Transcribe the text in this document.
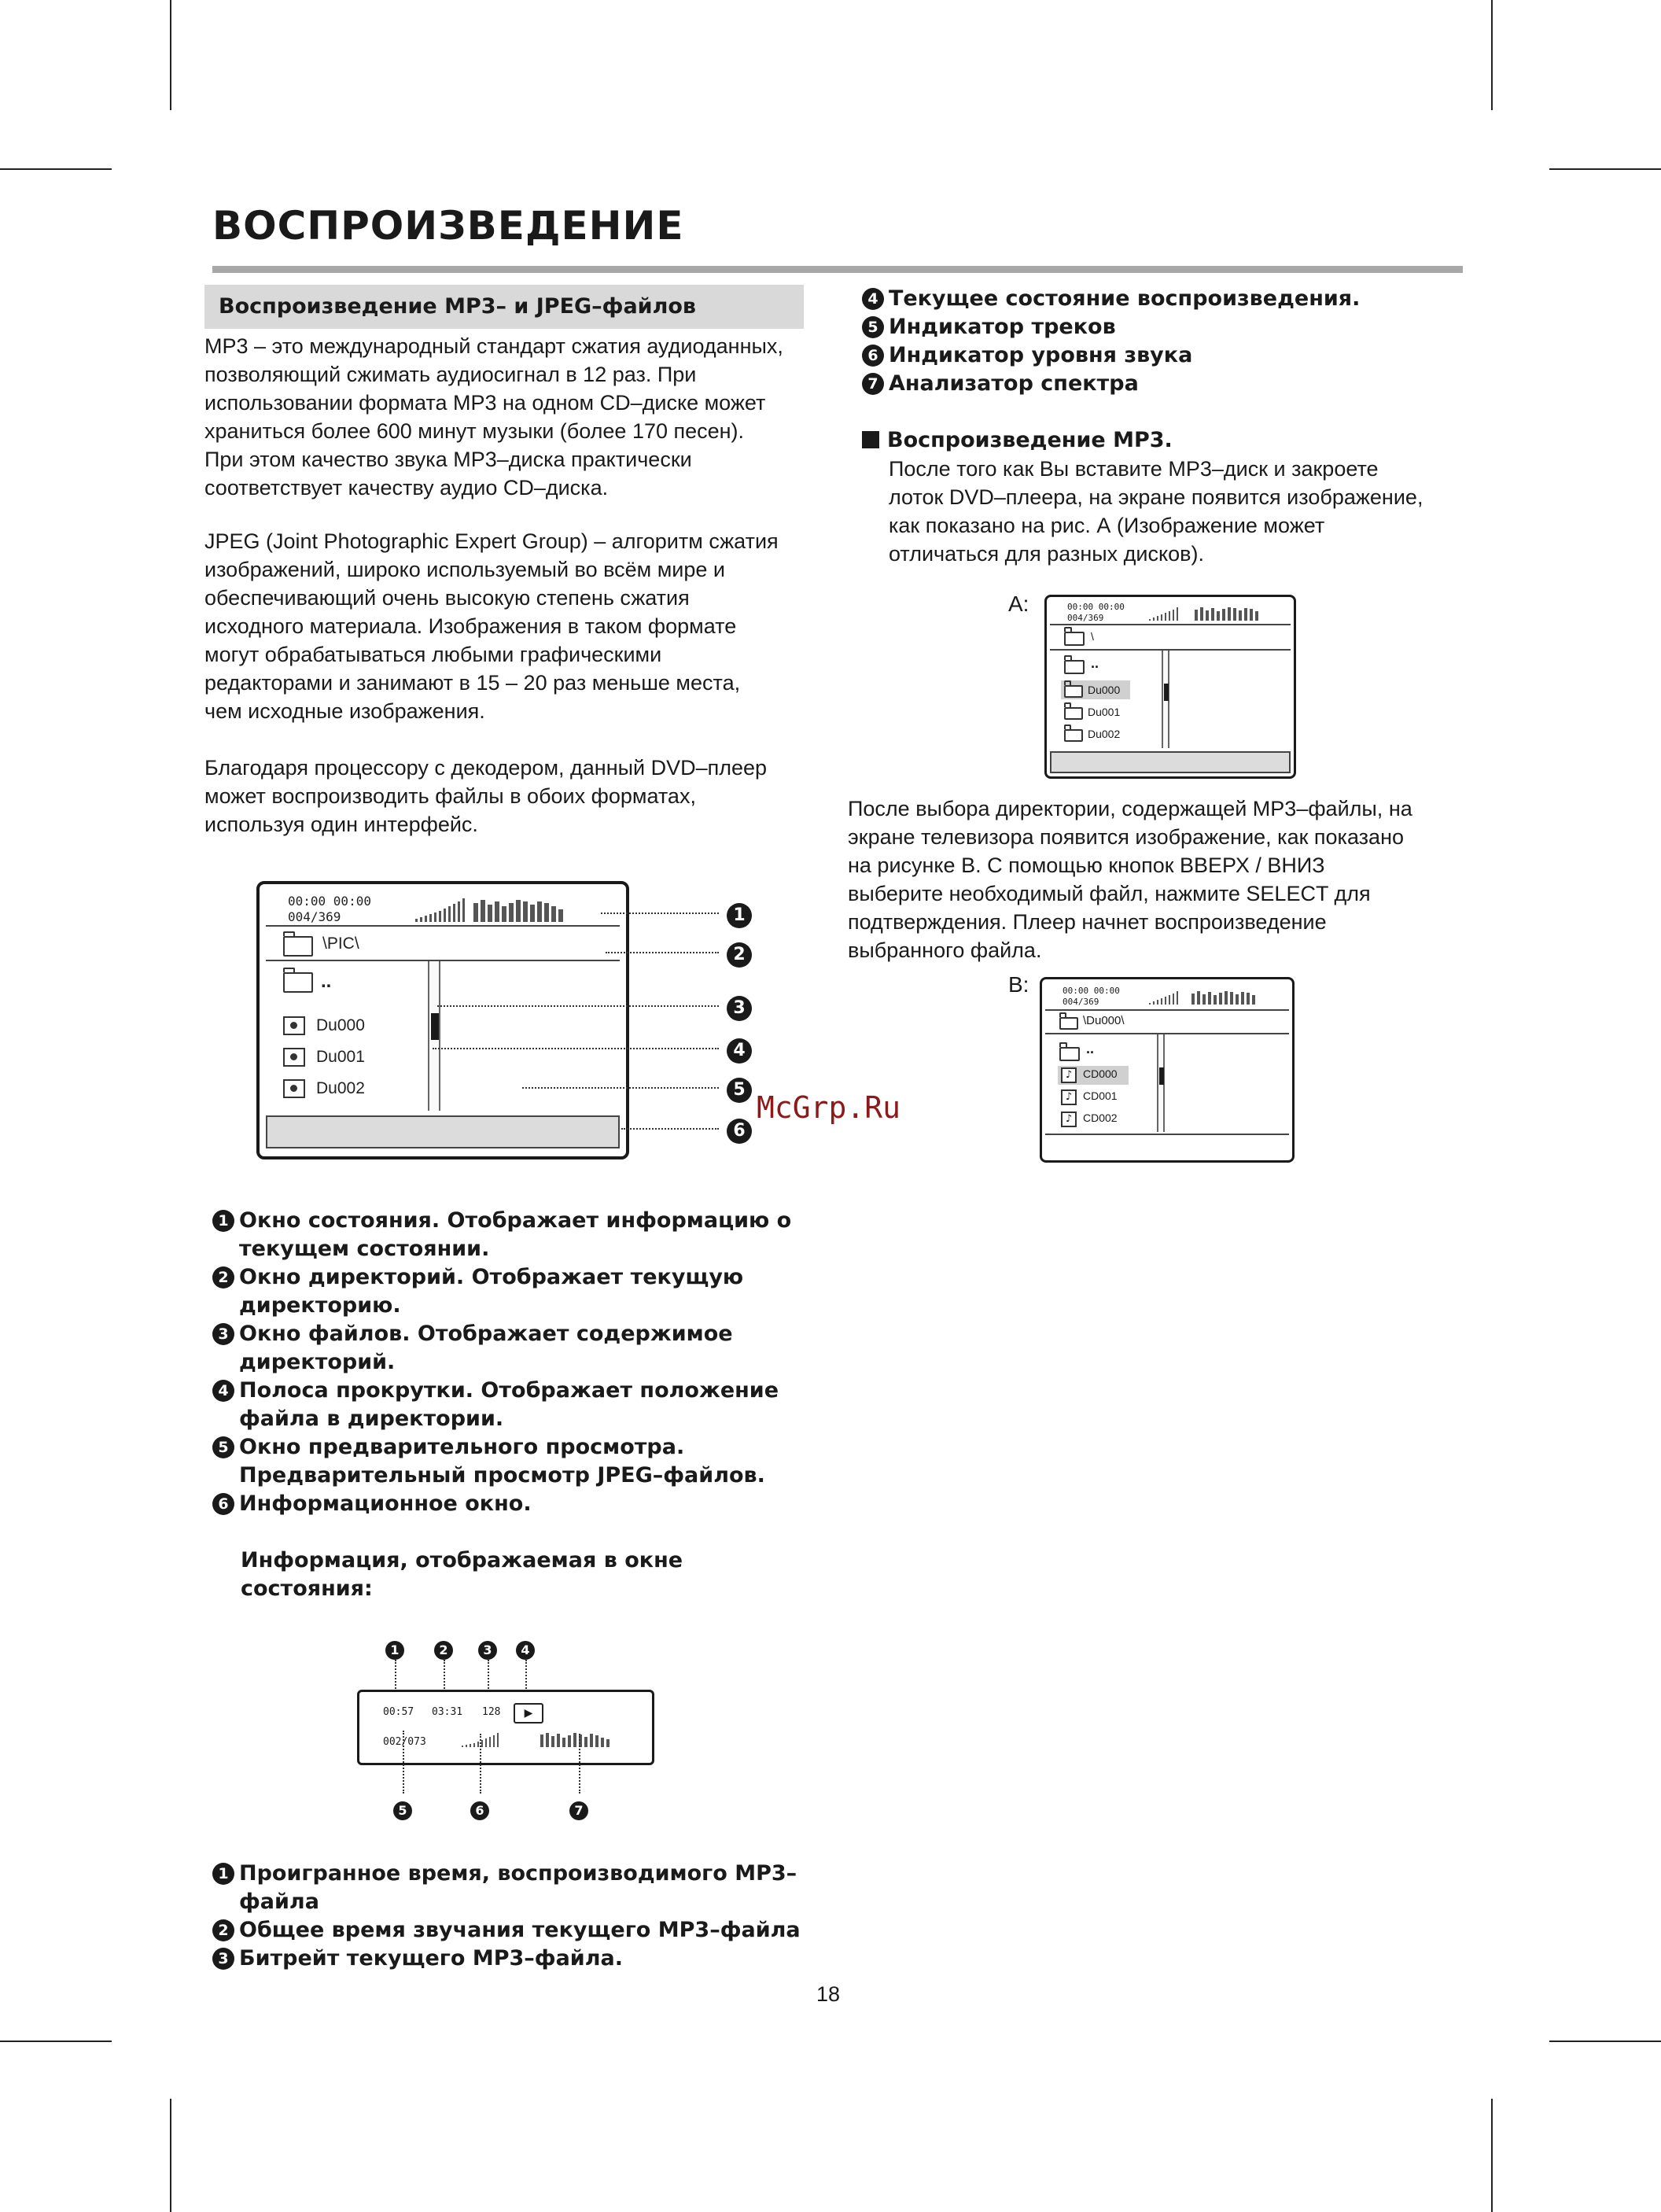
ВОСПРОИЗВЕДЕНИЕ
Воспроизведение MP3– и JPEG–файлов
MP3 – это международный стандарт сжатия аудиоданных,
позволяющий сжимать аудиосигнал в 12 раз. При
использовании формата MP3 на одном CD–диске может
храниться более 600 минут музыки (более 170 песен).
При этом качество звука MP3–диска практически
соответствует качеству аудио CD–диска.
JPEG (Joint Photographic Expert Group) – алгоритм сжатия
изображений, широко используемый во всём мире и
обеспечивающий очень высокую степень сжатия
исходного материала. Изображения в таком формате
могут обрабатываться любыми графическими
редакторами и занимают в 15 – 20 раз меньше места,
чем исходные изображения.
Благодаря процессору с декодером, данный DVD–плеер
может воспроизводить файлы в обоих форматах,
используя один интерфейс.
00:00 00:00
004/369
\PIC\
..
Du000
Du001
Du002
1
2
3
4
5
6
McGrp.Ru
1 Окно состояния. Отображает информацию о
текущем состоянии.
2 Окно директорий. Отображает текущую
директорию.
3 Окно файлов. Отображает содержимое
директорий.
4 Полоса прокрутки. Отображает положение
файла в директории.
5 Окно предварительного просмотра.
Предварительный просмотр JPEG–файлов.
6 Информационное окно.
Информация, отображаемая в окне
состояния:
1	2	3	4
00:57 03:31 128	▶
002/073
5	6	7
1 Проигранное время, воспроизводимого MP3–
файла
2 Общее время звучания текущего MP3–файла
3 Битрейт текущего MP3–файла.
4 Текущее состояние воспроизведения.
5 Индикатор треков
6 Индикатор уровня звука
7 Анализатор спектра
Воспроизведение MP3.
После того как Вы вставите MP3–диск и закроете
лоток DVD–плеера, на экране появится изображение,
как показано на рис. А (Изображение может
отличаться для разных дисков).
A:	00:00 00:00
004/369
\
..
Du000
Du001
Du002
После выбора директории, содержащей MP3–файлы, на
экране телевизора появится изображение, как показано
на рисунке В. С помощью кнопок ВВЕРХ / ВНИЗ
выберите необходимый файл, нажмите SELECT для
подтверждения. Плеер начнет воспроизведение
выбранного файла.
B:	00:00 00:00
004/369
\Du000\
..
♪ CD000
♪ CD001
♪ CD002
18
